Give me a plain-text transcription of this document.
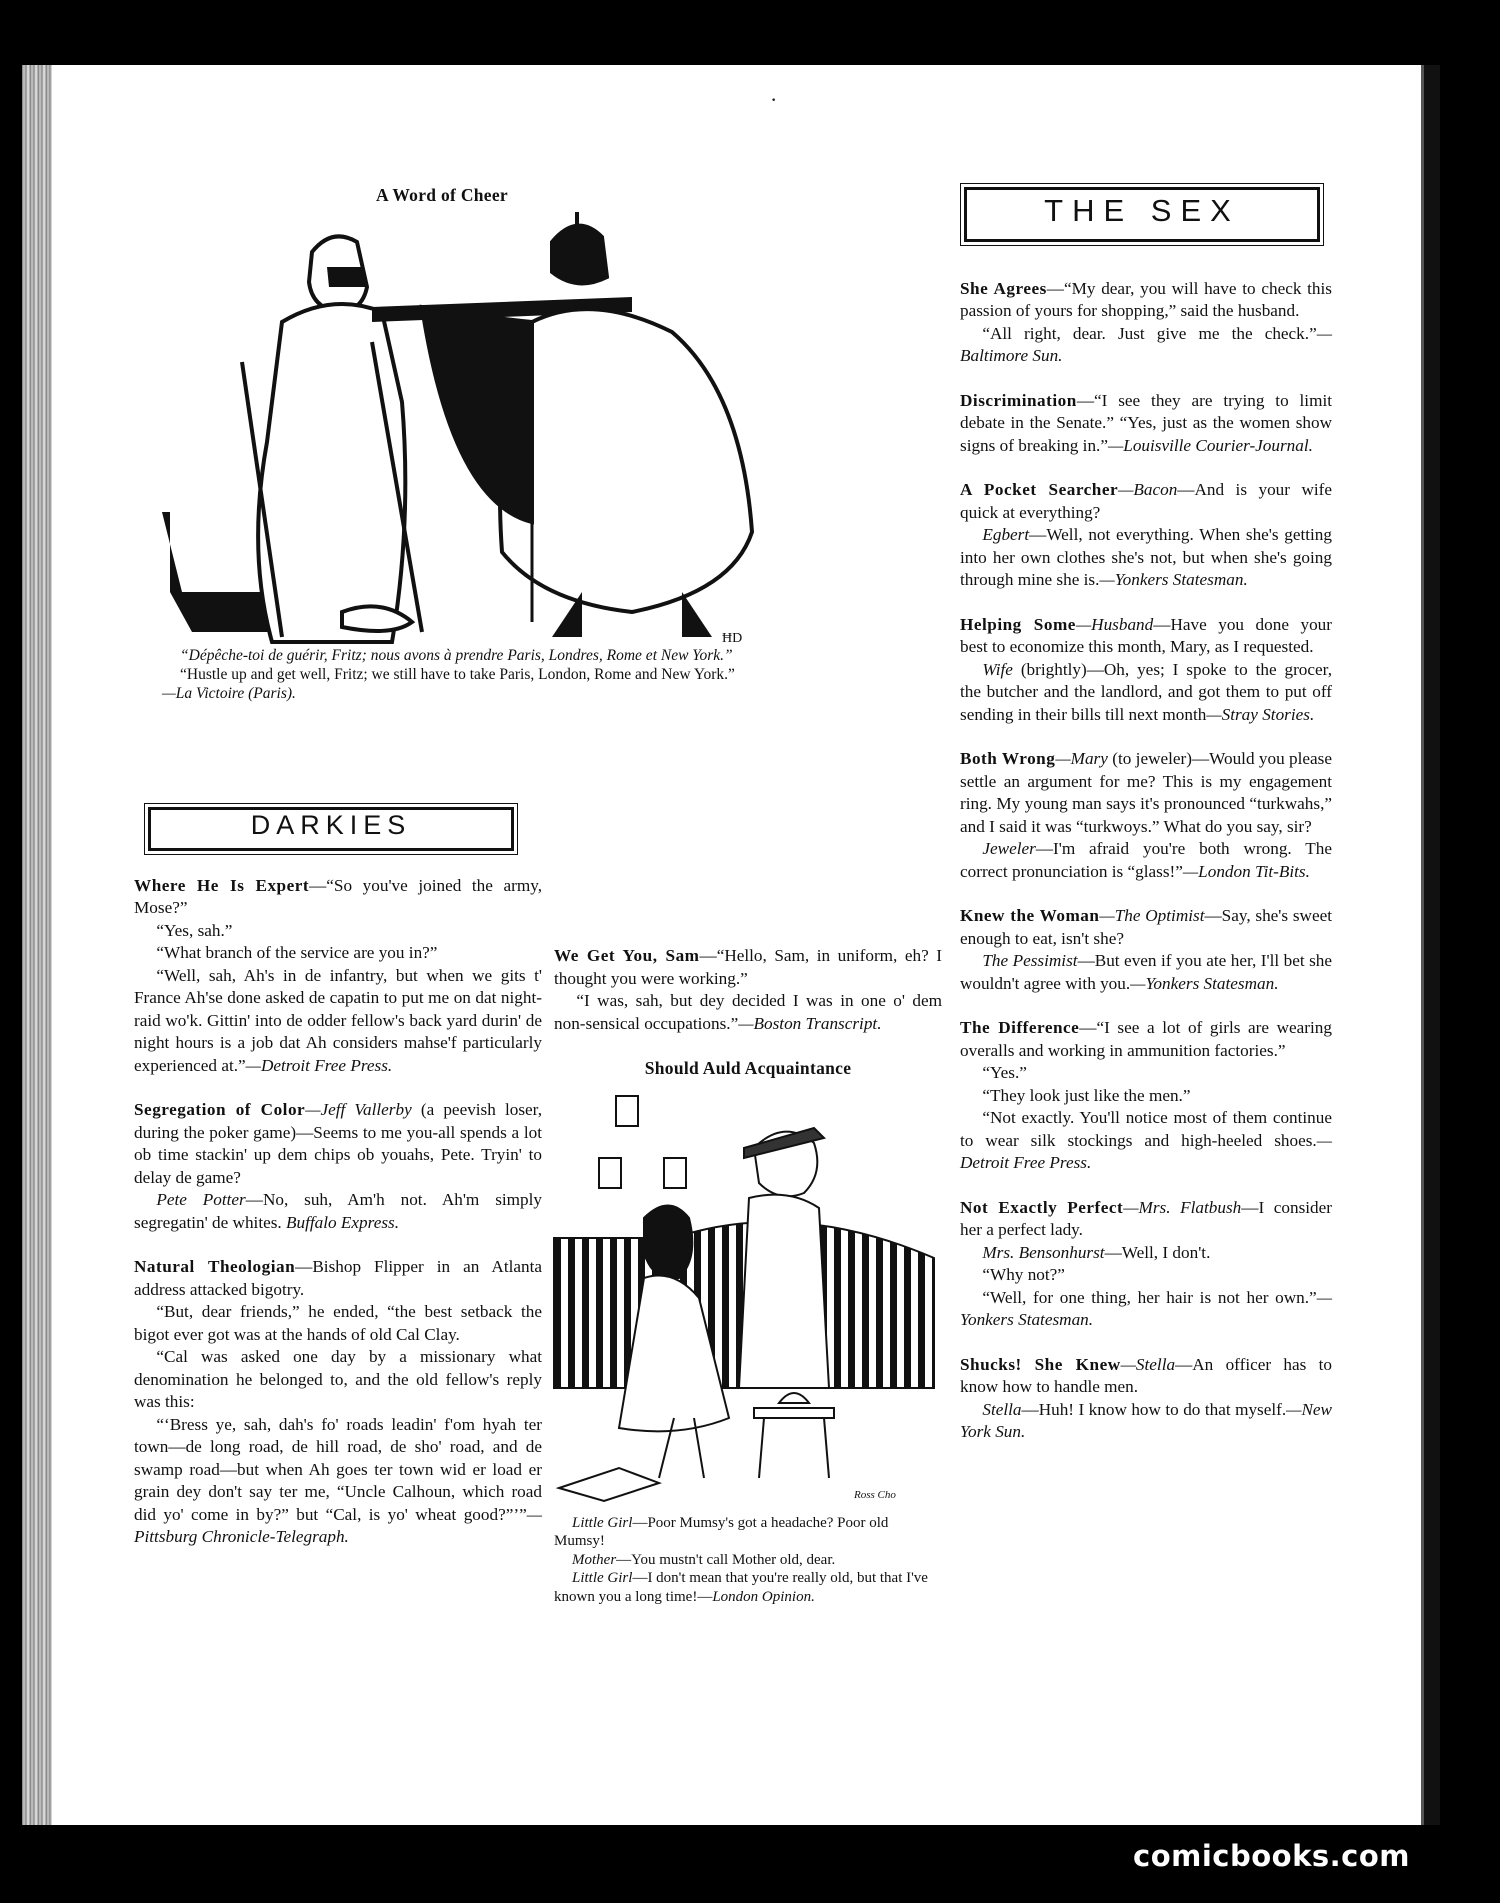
·
A Word of Cheer
ĦD

“Dépêche-toi de guérir, Fritz; nous avons à prendre Paris, Londres, Rome et New York.”

“Hustle up and get well, Fritz; we still have to take Paris, London, Rome and New York.”

—La Victoire (Paris).

DARKIES

Where He Is Expert—“So you've joined the army, Mose?”

“Yes, sah.”

“What branch of the service are you in?”

“Well, sah, Ah's in de infantry, but when we gits t' France Ah'se done asked de capatin to put me on dat night-raid wo'k. Gittin' into de odder fellow's back yard durin' de night hours is a job dat Ah considers mahse'f particularly experienced at.”—Detroit Free Press.

Segregation of Color—Jeff Vallerby (a peevish loser, during the poker game)—Seems to me you-all spends a lot ob time stackin' up dem chips ob youahs, Pete. Tryin' to delay de game?

Pete Potter—No, suh, Am'h not. Ah'm simply segregatin' de whites. Buffalo Express.

Natural Theologian—Bishop Flipper in an Atlanta address attacked bigotry.

“But, dear friends,” he ended, “the best setback the bigot ever got was at the hands of old Cal Clay.

“Cal was asked one day by a missionary what denomination he belonged to, and the old fellow's reply was this:

“‘Bress ye, sah, dah's fo' roads leadin' f'om hyah ter town—de long road, de hill road, de sho' road, and de swamp road—but when Ah goes ter town wid er load er grain dey don't say ter me, “Uncle Calhoun, which road did yo' come in by?” but “Cal, is yo' wheat good?”’”—Pittsburg Chronicle-Telegraph.

We Get You, Sam—“Hello, Sam, in uniform, eh? I thought you were working.”

“I was, sah, but dey decided I was in one o' dem non-sensical occupations.”—Boston Transcript.

Should Auld Acquaintance
Ross Cho

Little Girl—Poor Mumsy's got a headache? Poor old Mumsy!

Mother—You mustn't call Mother old, dear.

Little Girl—I don't mean that you're really old, but that I've known you a long time!—London Opinion.

THE SEX

She Agrees—“My dear, you will have to check this passion of yours for shopping,” said the husband.

“All right, dear. Just give me the check.”—Baltimore Sun.

Discrimination—“I see they are trying to limit debate in the Senate.” “Yes, just as the women show signs of breaking in.”—Louisville Courier-Journal.

A Pocket Searcher—Bacon—And is your wife quick at everything?

Egbert—Well, not everything. When she's getting into her own clothes she's not, but when she's going through mine she is.—Yonkers Statesman.

Helping Some—Husband—Have you done your best to economize this month, Mary, as I requested.

Wife (brightly)—Oh, yes; I spoke to the grocer, the butcher and the landlord, and got them to put off sending in their bills till next month—Stray Stories.

Both Wrong—Mary (to jeweler)—Would you please settle an argument for me? This is my engagement ring. My young man says it's pronounced “turkwahs,” and I said it was “turkwoys.” What do you say, sir?

Jeweler—I'm afraid you're both wrong. The correct pronunciation is “glass!”—London Tit-Bits.

Knew the Woman—The Optimist—Say, she's sweet enough to eat, isn't she?

The Pessimist—But even if you ate her, I'll bet she wouldn't agree with you.—Yonkers Statesman.

The Difference—“I see a lot of girls are wearing overalls and working in ammunition factories.”

“Yes.”

“They look just like the men.”

“Not exactly. You'll notice most of them continue to wear silk stockings and high-heeled shoes.—Detroit Free Press.

Not Exactly Perfect—Mrs. Flatbush—I consider her a perfect lady.

Mrs. Bensonhurst—Well, I don't.

“Why not?”

“Well, for one thing, her hair is not her own.”—Yonkers Statesman.

Shucks! She Knew—Stella—An officer has to know how to handle men.

Stella—Huh! I know how to do that myself.—New York Sun.

comicbooks.com
